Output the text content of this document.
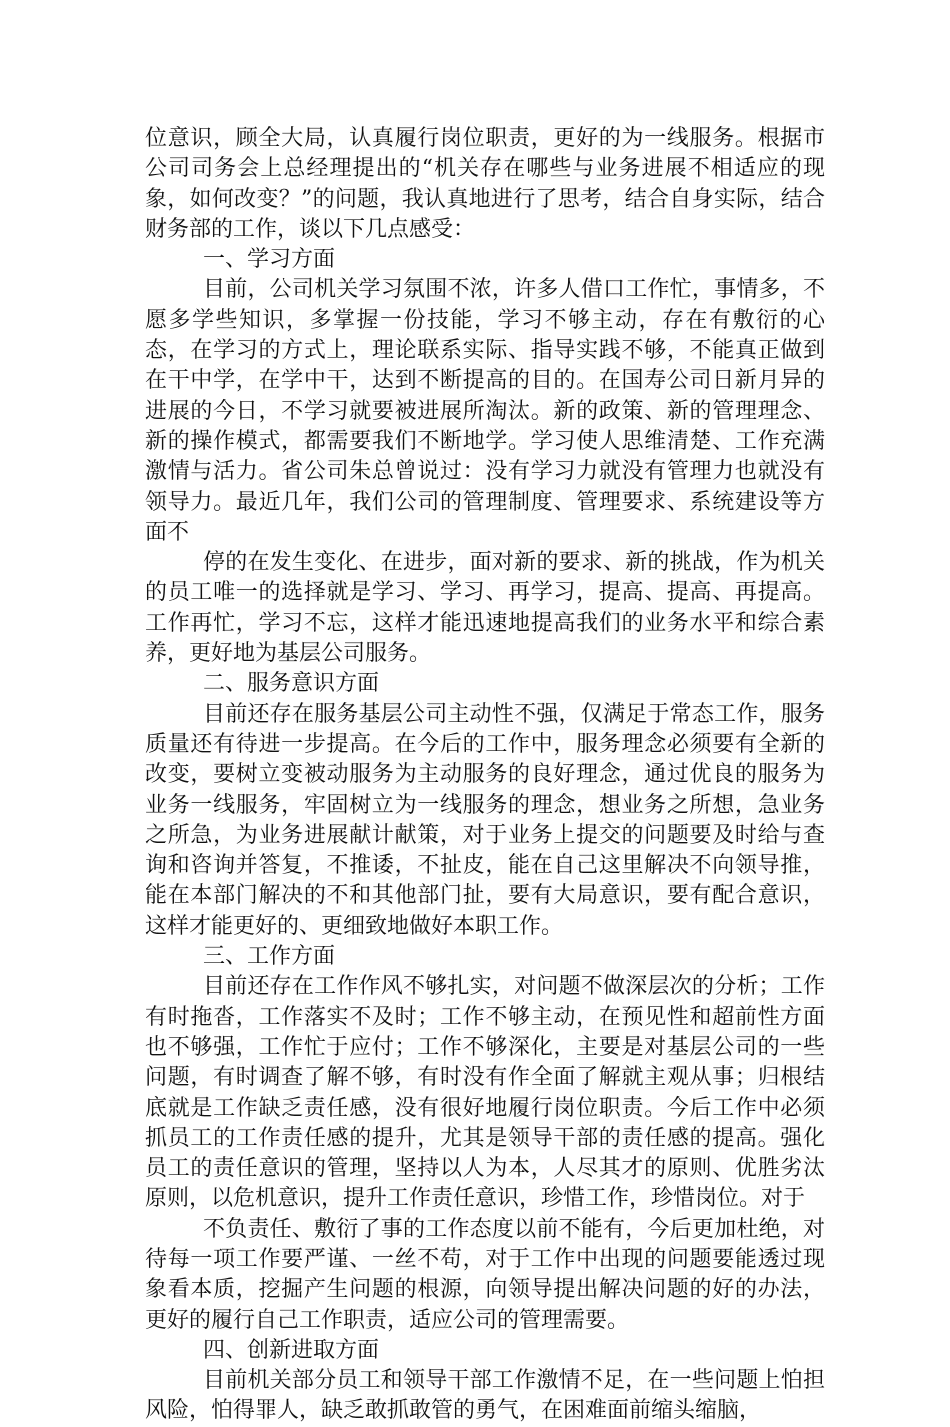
位意识，顾全大局，认真履行岗位职责，更好的为一线服务。根据市公司司务会上总经理提出的“机关存在哪些与业务进展不相适应的现象，如何改变？”的问题，我认真地进行了思考，结合自身实际，结合财务部的工作，谈以下几点感受：

一、学习方面

目前，公司机关学习氛围不浓，许多人借口工作忙，事情多，不愿多学些知识，多掌握一份技能，学习不够主动，存在有敷衍的心态，在学习的方式上，理论联系实际、指导实践不够，不能真正做到在干中学，在学中干，达到不断提高的目的。在国寿公司日新月异的进展的今日，不学习就要被进展所淘汰。新的政策、新的管理理念、新的操作模式，都需要我们不断地学。学习使人思维清楚、工作充满激情与活力。省公司朱总曾说过：没有学习力就没有管理力也就没有领导力。最近几年，我们公司的管理制度、管理要求、系统建设等方面不

停的在发生变化、在进步，面对新的要求、新的挑战，作为机关的员工唯一的选择就是学习、学习、再学习，提高、提高、再提高。工作再忙，学习不忘，这样才能迅速地提高我们的业务水平和综合素养，更好地为基层公司服务。

二、服务意识方面

目前还存在服务基层公司主动性不强，仅满足于常态工作，服务质量还有待进一步提高。在今后的工作中，服务理念必须要有全新的改变，要树立变被动服务为主动服务的良好理念，通过优良的服务为业务一线服务，牢固树立为一线服务的理念，想业务之所想，急业务之所急，为业务进展献计献策，对于业务上提交的问题要及时给与查询和咨询并答复，不推诿，不扯皮，能在自己这里解决不向领导推，能在本部门解决的不和其他部门扯，要有大局意识，要有配合意识，这样才能更好的、更细致地做好本职工作。

三、工作方面

目前还存在工作作风不够扎实，对问题不做深层次的分析；工作有时拖沓，工作落实不及时；工作不够主动，在预见性和超前性方面也不够强，工作忙于应付；工作不够深化，主要是对基层公司的一些问题，有时调查了解不够，有时没有作全面了解就主观从事；归根结底就是工作缺乏责任感，没有很好地履行岗位职责。今后工作中必须抓员工的工作责任感的提升，尤其是领导干部的责任感的提高。强化员工的责任意识的管理，坚持以人为本，人尽其才的原则、优胜劣汰原则，以危机意识，提升工作责任意识，珍惜工作，珍惜岗位。对于

不负责任、敷衍了事的工作态度以前不能有，今后更加杜绝，对待每一项工作要严谨、一丝不苟，对于工作中出现的问题要能透过现象看本质，挖掘产生问题的根源，向领导提出解决问题的好的办法，更好的履行自己工作职责，适应公司的管理需要。

四、创新进取方面

目前机关部分员工和领导干部工作激情不足，在一些问题上怕担风险，怕得罪人，缺乏敢抓敢管的勇气，在困难面前缩头缩脑，
